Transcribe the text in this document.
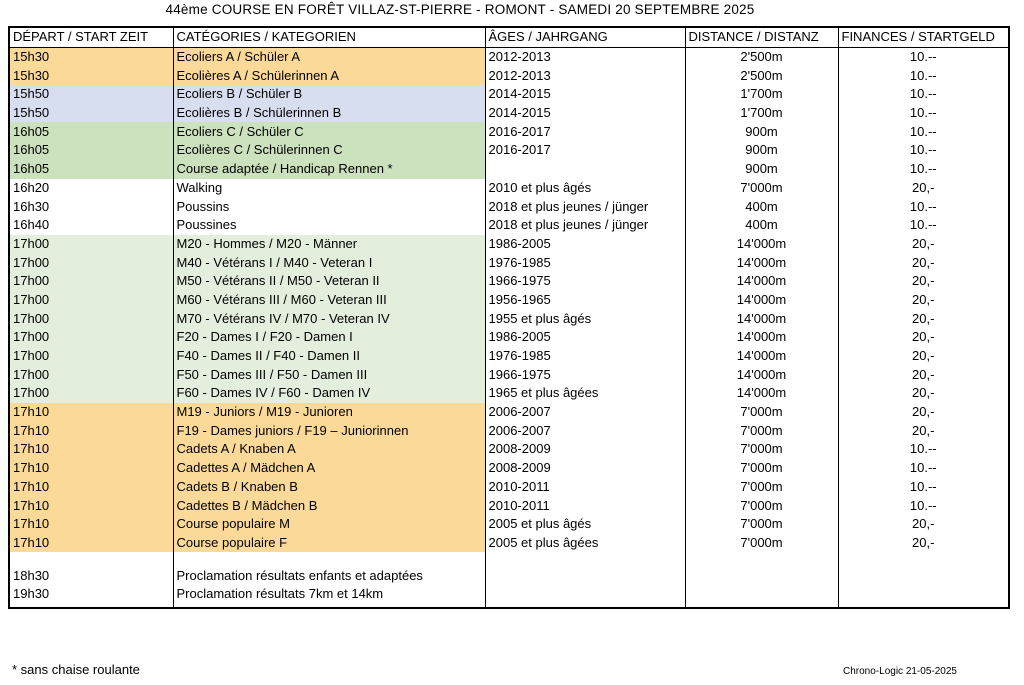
44ème COURSE EN FORÊT VILLAZ-ST-PIERRE - ROMONT - SAMEDI 20 SEPTEMBRE 2025
DÉPART / START ZEIT	CATÉGORIES / KATEGORIEN	ÂGES / JAHRGANG	DISTANCE / DISTANZ	FINANCES / STARTGELD
15h30	Ecoliers A / Schüler A	2012-2013	2'500m	10.--
15h30	Ecolières A / Schülerinnen A	2012-2013	2'500m	10.--
15h50	Ecoliers B / Schüler B	2014-2015	1'700m	10.--
15h50	Ecolières B / Schülerinnen B	2014-2015	1'700m	10.--
16h05	Ecoliers C / Schüler C	2016-2017	900m	10.--
16h05	Ecolières C / Schülerinnen C	2016-2017	900m	10.--
16h05	Course adaptée / Handicap Rennen *		900m	10.--
16h20	Walking	2010 et plus âgés	7'000m	20,-
16h30	Poussins	2018 et plus jeunes / jünger	400m	10.--
16h40	Poussines	2018 et plus jeunes / jünger	400m	10.--
17h00	M20 - Hommes / M20 - Männer	1986-2005	14'000m	20,-
17h00	M40 - Vétérans I / M40 - Veteran I	1976-1985	14'000m	20,-
17h00	M50 - Vétérans II / M50 - Veteran II	1966-1975	14'000m	20,-
17h00	M60 - Vétérans III / M60 - Veteran III	1956-1965	14'000m	20,-
17h00	M70 - Vétérans IV / M70 - Veteran IV	1955 et plus âgés	14'000m	20,-
17h00	F20 - Dames I / F20 - Damen I	1986-2005	14'000m	20,-
17h00	F40 - Dames II / F40 - Damen II	1976-1985	14'000m	20,-
17h00	F50 - Dames III / F50 - Damen III	1966-1975	14'000m	20,-
17h00	F60 - Dames IV / F60 - Damen IV	1965 et plus âgées	14'000m	20,-
17h10	M19 - Juniors / M19 - Junioren	2006-2007	7'000m	20,-
17h10	F19 - Dames juniors / F19 – Juniorinnen	2006-2007	7'000m	20,-
17h10	Cadets A / Knaben A	2008-2009	7'000m	10.--
17h10	Cadettes A / Mädchen A	2008-2009	7'000m	10.--
17h10	Cadets B / Knaben B	2010-2011	7'000m	10.--
17h10	Cadettes B / Mädchen B	2010-2011	7'000m	10.--
17h10	Course populaire M	2005 et plus âgés	7'000m	20,-
17h10	Course populaire F	2005 et plus âgées	7'000m	20,-

18h30	Proclamation résultats enfants et adaptées			
19h30	Proclamation résultats 7km et 14km			
* sans chaise roulante	Chrono-Logic 21-05-2025
